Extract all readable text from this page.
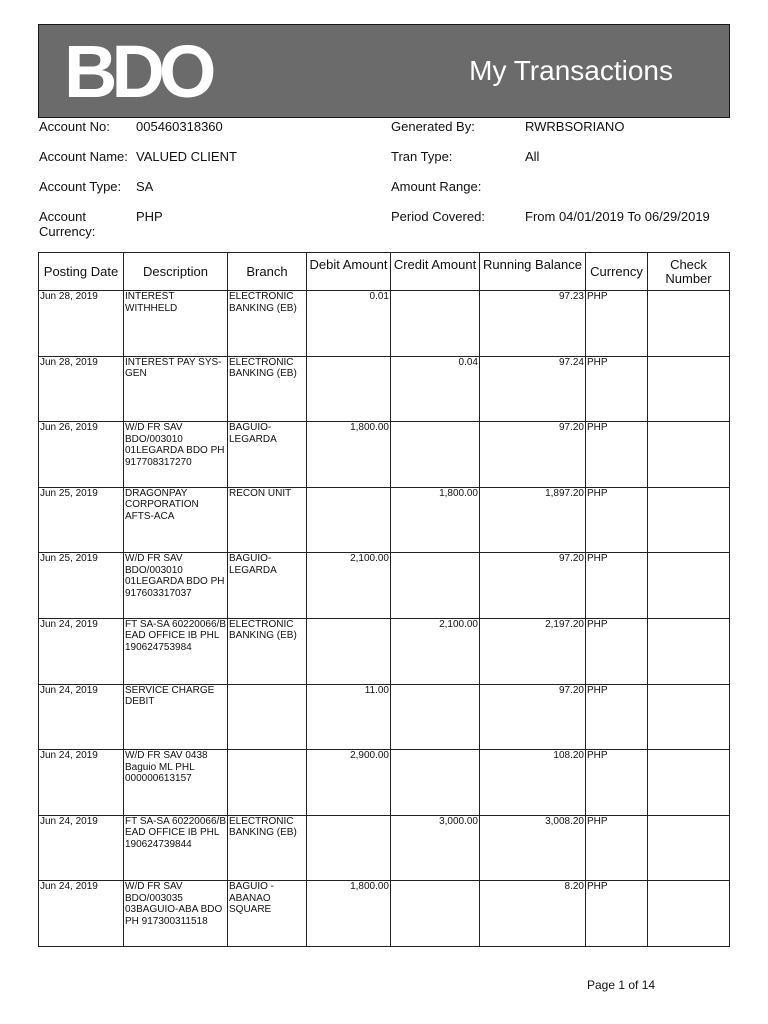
BDO	My Transactions
Account No:	005460318360
Account Name: VALUED CLIENT
Account Type:	SA
Account Currency:
PHP
Generated By:	RWRBSORIANO
Tran Type:	All
Amount Range:
Period Covered:	From 04/01/2019 To 06/29/2019
Posting Date	Description	Branch	Debit Amount	Credit Amount	Running Balance	Currency	Check Number
Jun 28, 2019	INTEREST WITHHELD	ELECTRONIC BANKING (EB)	0.01		97.23	PHP	
Jun 28, 2019	INTEREST PAY SYS-GEN	ELECTRONIC BANKING (EB)		0.04	97.24	PHP	
Jun 26, 2019	W/D FR SAV BDO/003010 01LEGARDA BDO PH 917708317270	BAGUIO-LEGARDA	1,800.00		97.20	PHP	
Jun 25, 2019	DRAGONPAY CORPORATION AFTS-ACA	RECON UNIT		1,800.00	1,897.20	PHP	
Jun 25, 2019	W/D FR SAV BDO/003010 01LEGARDA BDO PH 917603317037	BAGUIO-LEGARDA	2,100.00		97.20	PHP	
Jun 24, 2019	FT SA-SA 60220066/B EAD OFFICE IB PHL 190624753984	ELECTRONIC BANKING (EB)		2,100.00	2,197.20	PHP	
Jun 24, 2019	SERVICE CHARGE DEBIT		11.00		97.20	PHP	
Jun 24, 2019	W/D FR SAV 0438 Baguio ML PHL 000000613157		2,900.00		108.20	PHP	
Jun 24, 2019	FT SA-SA 60220066/B EAD OFFICE IB PHL 190624739844	ELECTRONIC BANKING (EB)		3,000.00	3,008.20	PHP	
Jun 24, 2019	W/D FR SAV BDO/003035 03BAGUIO-ABA BDO PH 917300311518	BAGUIO - ABANAO SQUARE	1,800.00		8.20	PHP	
Page 1 of 14
